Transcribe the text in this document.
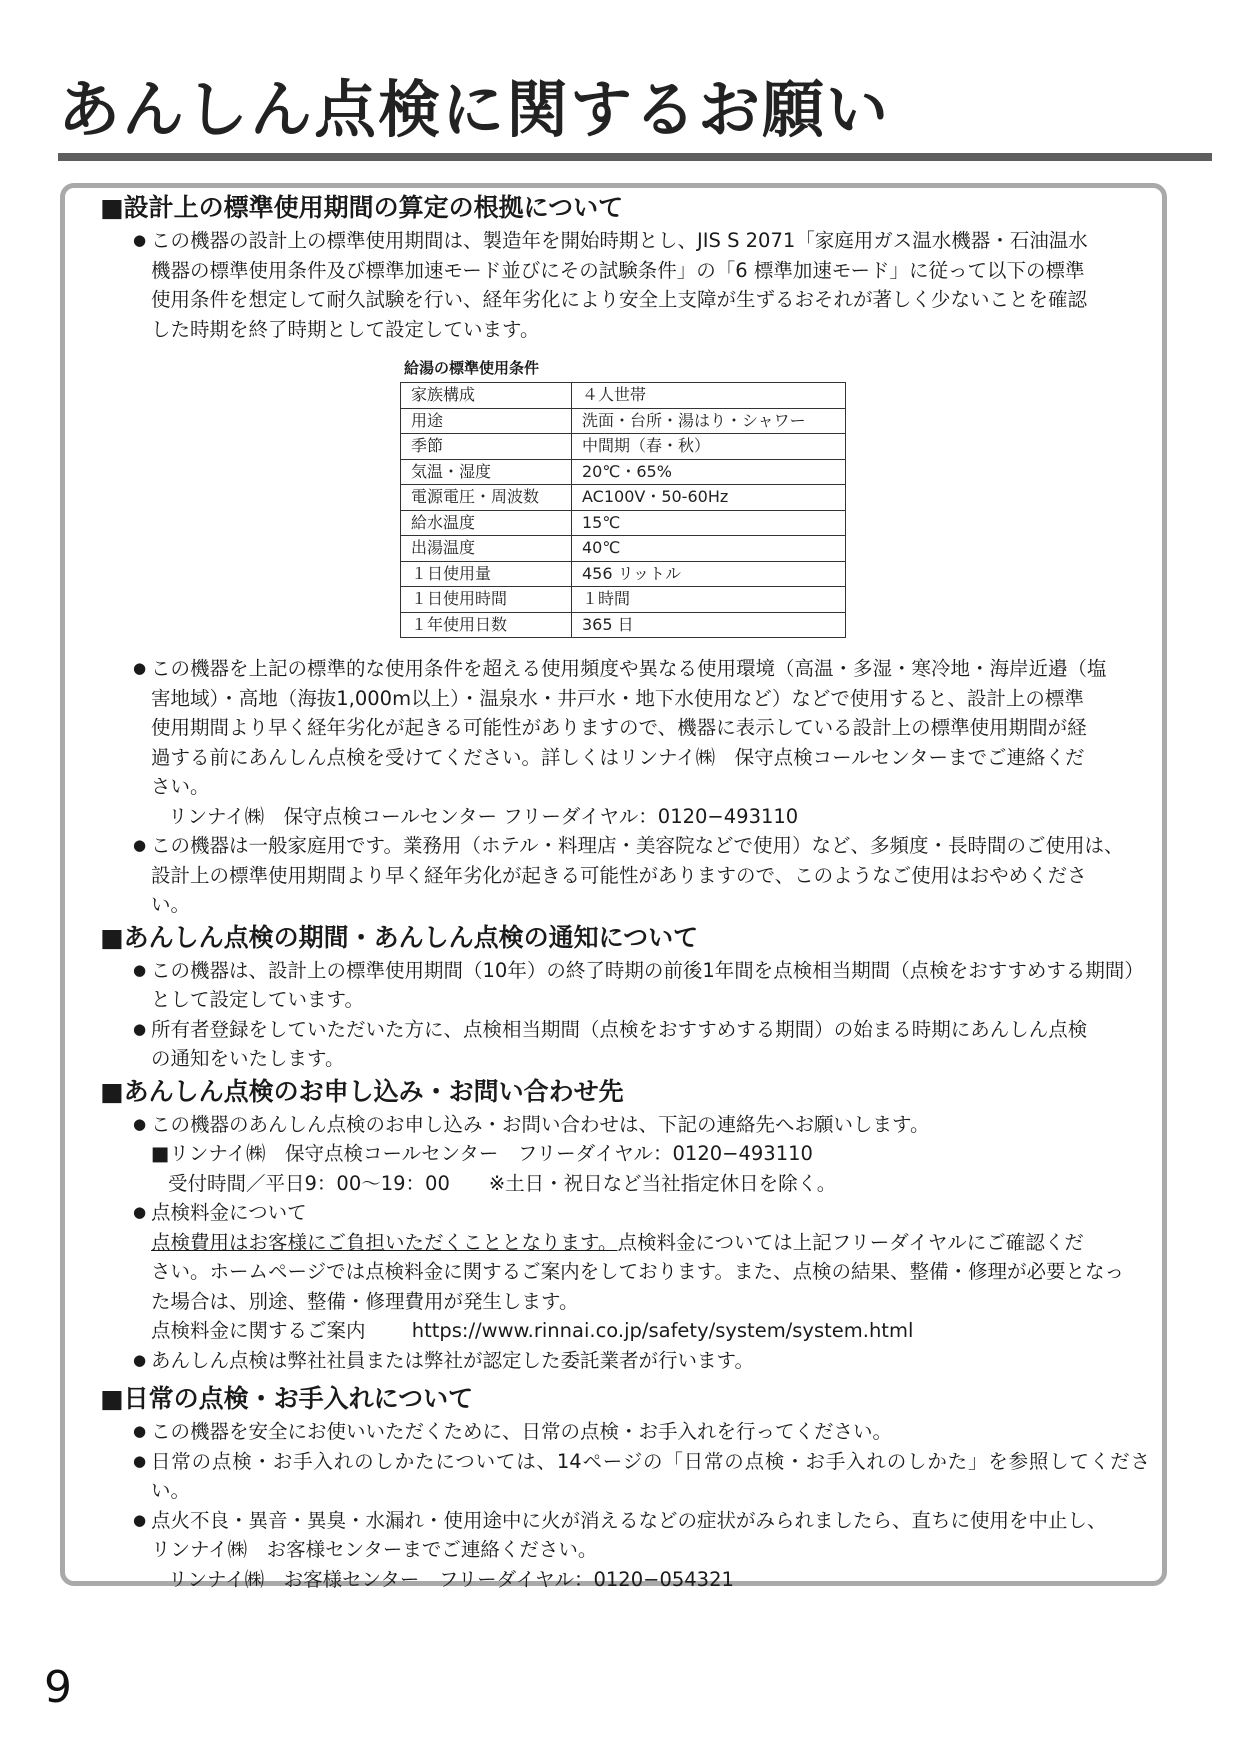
あんしん点検に関するお願い
■設計上の標準使用期間の算定の根拠について

● この機器の設計上の標準使用期間は、製造年を開始時期とし、JIS S 2071「家庭用ガス温水機器・石油温水
機器の標準使用条件及び標準加速モード並びにその試験条件」の「6 標準加速モード」に従って以下の標準
使用条件を想定して耐久試験を行い、経年劣化により安全上支障が生ずるおそれが著しく少ないことを確認
した時期を終了時期として設定しています。

給湯の標準使用条件

家族構成	４人世帯
用途	洗面・台所・湯はり・シャワー
季節	中間期（春・秋）
気温・湿度	20℃・65%
電源電圧・周波数	AC100V・50-60Hz
給水温度	15℃
出湯温度	40℃
１日使用量	456 リットル
１日使用時間	１時間
１年使用日数	365 日

● この機器を上記の標準的な使用条件を超える使用頻度や異なる使用環境（高温・多湿・寒冷地・海岸近邉（塩
害地域）・高地（海抜1,000m以上）・温泉水・井戸水・地下水使用など）などで使用すると、設計上の標準
使用期間より早く経年劣化が起きる可能性がありますので、機器に表示している設計上の標準使用期間が経
過する前にあんしん点検を受けてください。詳しくはリンナイ㈱　保守点検コールセンターまでご連絡くだ
さい。

リンナイ㈱　保守点検コールセンター フリーダイヤル：0120−493110

● この機器は一般家庭用です。業務用（ホテル・料理店・美容院などで使用）など、多頻度・長時間のご使用は、
設計上の標準使用期間より早く経年劣化が起きる可能性がありますので、このようなご使用はおやめくださ
い。

■あんしん点検の期間・あんしん点検の通知について

● この機器は、設計上の標準使用期間（10年）の終了時期の前後1年間を点検相当期間（点検をおすすめする期間）
として設定しています。

● 所有者登録をしていただいた方に、点検相当期間（点検をおすすめする期間）の始まる時期にあんしん点検
の通知をいたします。

■あんしん点検のお申し込み・お問い合わせ先

● この機器のあんしん点検のお申し込み・お問い合わせは、下記の連絡先へお願いします。

■リンナイ㈱　保守点検コールセンター　フリーダイヤル：0120−493110

受付時間／平日9：00〜19：00　　※土日・祝日など当社指定休日を除く。

● 点検料金について

点検費用はお客様にご負担いただくこととなります。点検料金については上記フリーダイヤルにご確認くだ
さい。ホームページでは点検料金に関するご案内をしております。また、点検の結果、整備・修理が必要となっ
た場合は、別途、整備・修理費用が発生します。
点検料金に関するご案内 https://www.rinnai.co.jp/safety/system/system.html

● あんしん点検は弊社社員または弊社が認定した委託業者が行います。

■日常の点検・お手入れについて

● この機器を安全にお使いいただくために、日常の点検・お手入れを行ってください。

● 日常の点検・お手入れのしかたについては、14ページの「日常の点検・お手入れのしかた」を参照してください。

● 点火不良・異音・異臭・水漏れ・使用途中に火が消えるなどの症状がみられましたら、直ちに使用を中止し、
リンナイ㈱　お客様センターまでご連絡ください。

リンナイ㈱　お客様センター　フリーダイヤル：0120−054321

9
